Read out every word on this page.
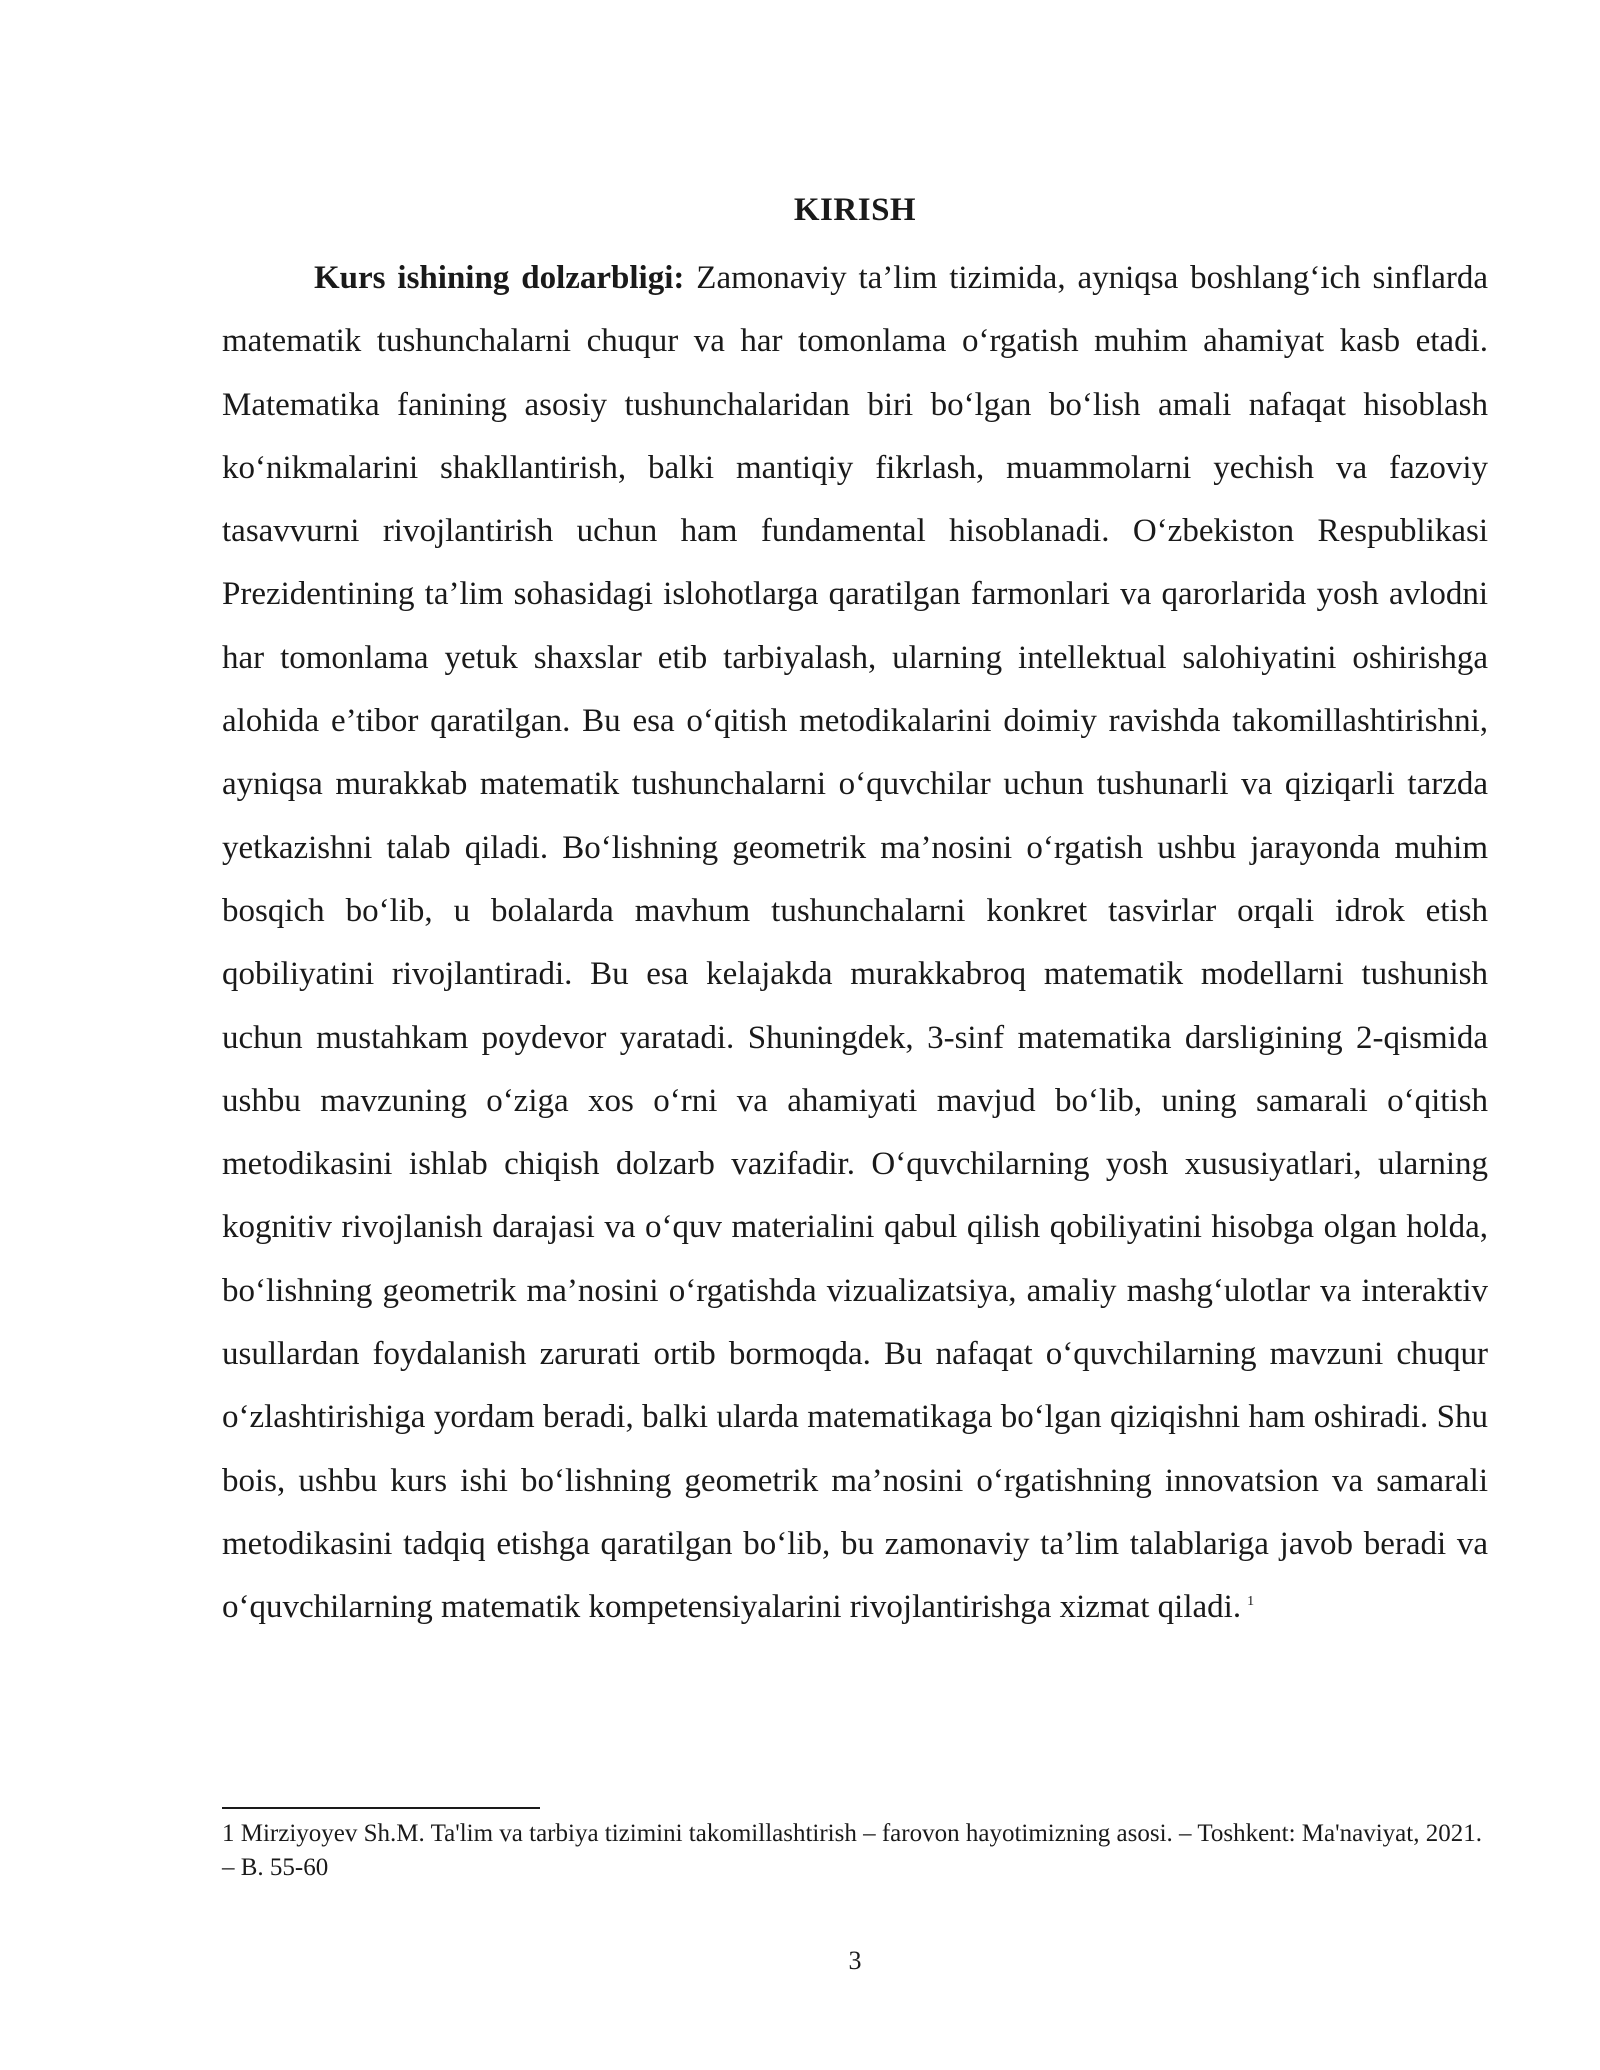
KIRISH

Kurs ishining dolzarbligi: Zamonaviy ta’lim tizimida, ayniqsa boshlang‘ich sinflarda matematik tushunchalarni chuqur va har tomonlama o‘rgatish muhim ahamiyat kasb etadi. Matematika fanining asosiy tushunchalaridan biri bo‘lgan bo‘lish amali nafaqat hisoblash ko‘nikmalarini shakllantirish, balki mantiqiy fikrlash, muammolarni yechish va fazoviy tasavvurni rivojlantirish uchun ham fundamental hisoblanadi. O‘zbekiston Respublikasi Prezidentining ta’lim sohasidagi islohotlarga qaratilgan farmonlari va qarorlarida yosh avlodni har tomonlama yetuk shaxslar etib tarbiyalash, ularning intellektual salohiyatini oshirishga alohida e’tibor qaratilgan. Bu esa o‘qitish metodikalarini doimiy ravishda takomillashtirishni, ayniqsa murakkab matematik tushunchalarni o‘quvchilar uchun tushunarli va qiziqarli tarzda yetkazishni talab qiladi. Bo‘lishning geometrik ma’nosini o‘rgatish ushbu jarayonda muhim bosqich bo‘lib, u bolalarda mavhum tushunchalarni konkret tasvirlar orqali idrok etish qobiliyatini rivojlantiradi. Bu esa kelajakda murakkabroq matematik modellarni tushunish uchun mustahkam poydevor yaratadi. Shuningdek, 3-sinf matematika darsligining 2-qismida ushbu mavzuning o‘ziga xos o‘rni va ahamiyati mavjud bo‘lib, uning samarali o‘qitish metodikasini ishlab chiqish dolzarb vazifadir. O‘quvchilarning yosh xususiyatlari, ularning kognitiv rivojlanish darajasi va o‘quv materialini qabul qilish qobiliyatini hisobga olgan holda, bo‘lishning geometrik ma’nosini o‘rgatishda vizualizatsiya, amaliy mashg‘ulotlar va interaktiv usullardan foydalanish zarurati ortib bormoqda. Bu nafaqat o‘quvchilarning mavzuni chuqur o‘zlashtirishiga yordam beradi, balki ularda matematikaga bo‘lgan qiziqishni ham oshiradi. Shu bois, ushbu kurs ishi bo‘lishning geometrik ma’nosini o‘rgatishning innovatsion va samarali metodikasini tadqiq etishga qaratilgan bo‘lib, bu zamonaviy ta’lim talablariga javob beradi va o‘quvchilarning matematik kompetensiyalarini rivojlantirishga xizmat qiladi. $^1$

1 Mirziyoyev Sh.M. Ta'lim va tarbiya tizimini takomillashtirish – farovon hayotimizning asosi. – Toshkent: Ma'naviyat, 2021. – B. 55-60

3
